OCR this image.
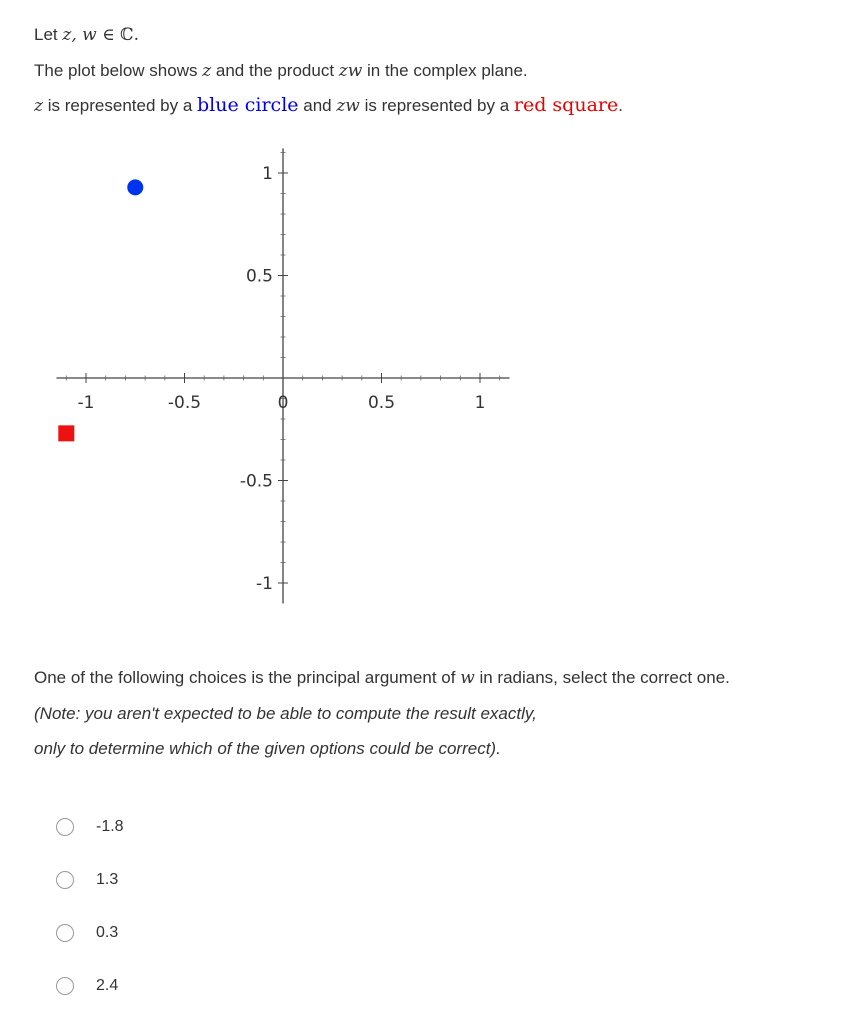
Let z, w ∈ ℂ.
The plot below shows z and the product zw in the complex plane.
z is represented by a blue circle and zw is represented by a red square.
-1	-0.5	0	0.5	1
1
0.5
-0.5
-1
One of the following choices is the principal argument of w in radians, select the correct one.
(Note: you aren't expected to be able to compute the result exactly,
only to determine which of the given options could be correct).
-1.8
1.3
0.3
2.4
